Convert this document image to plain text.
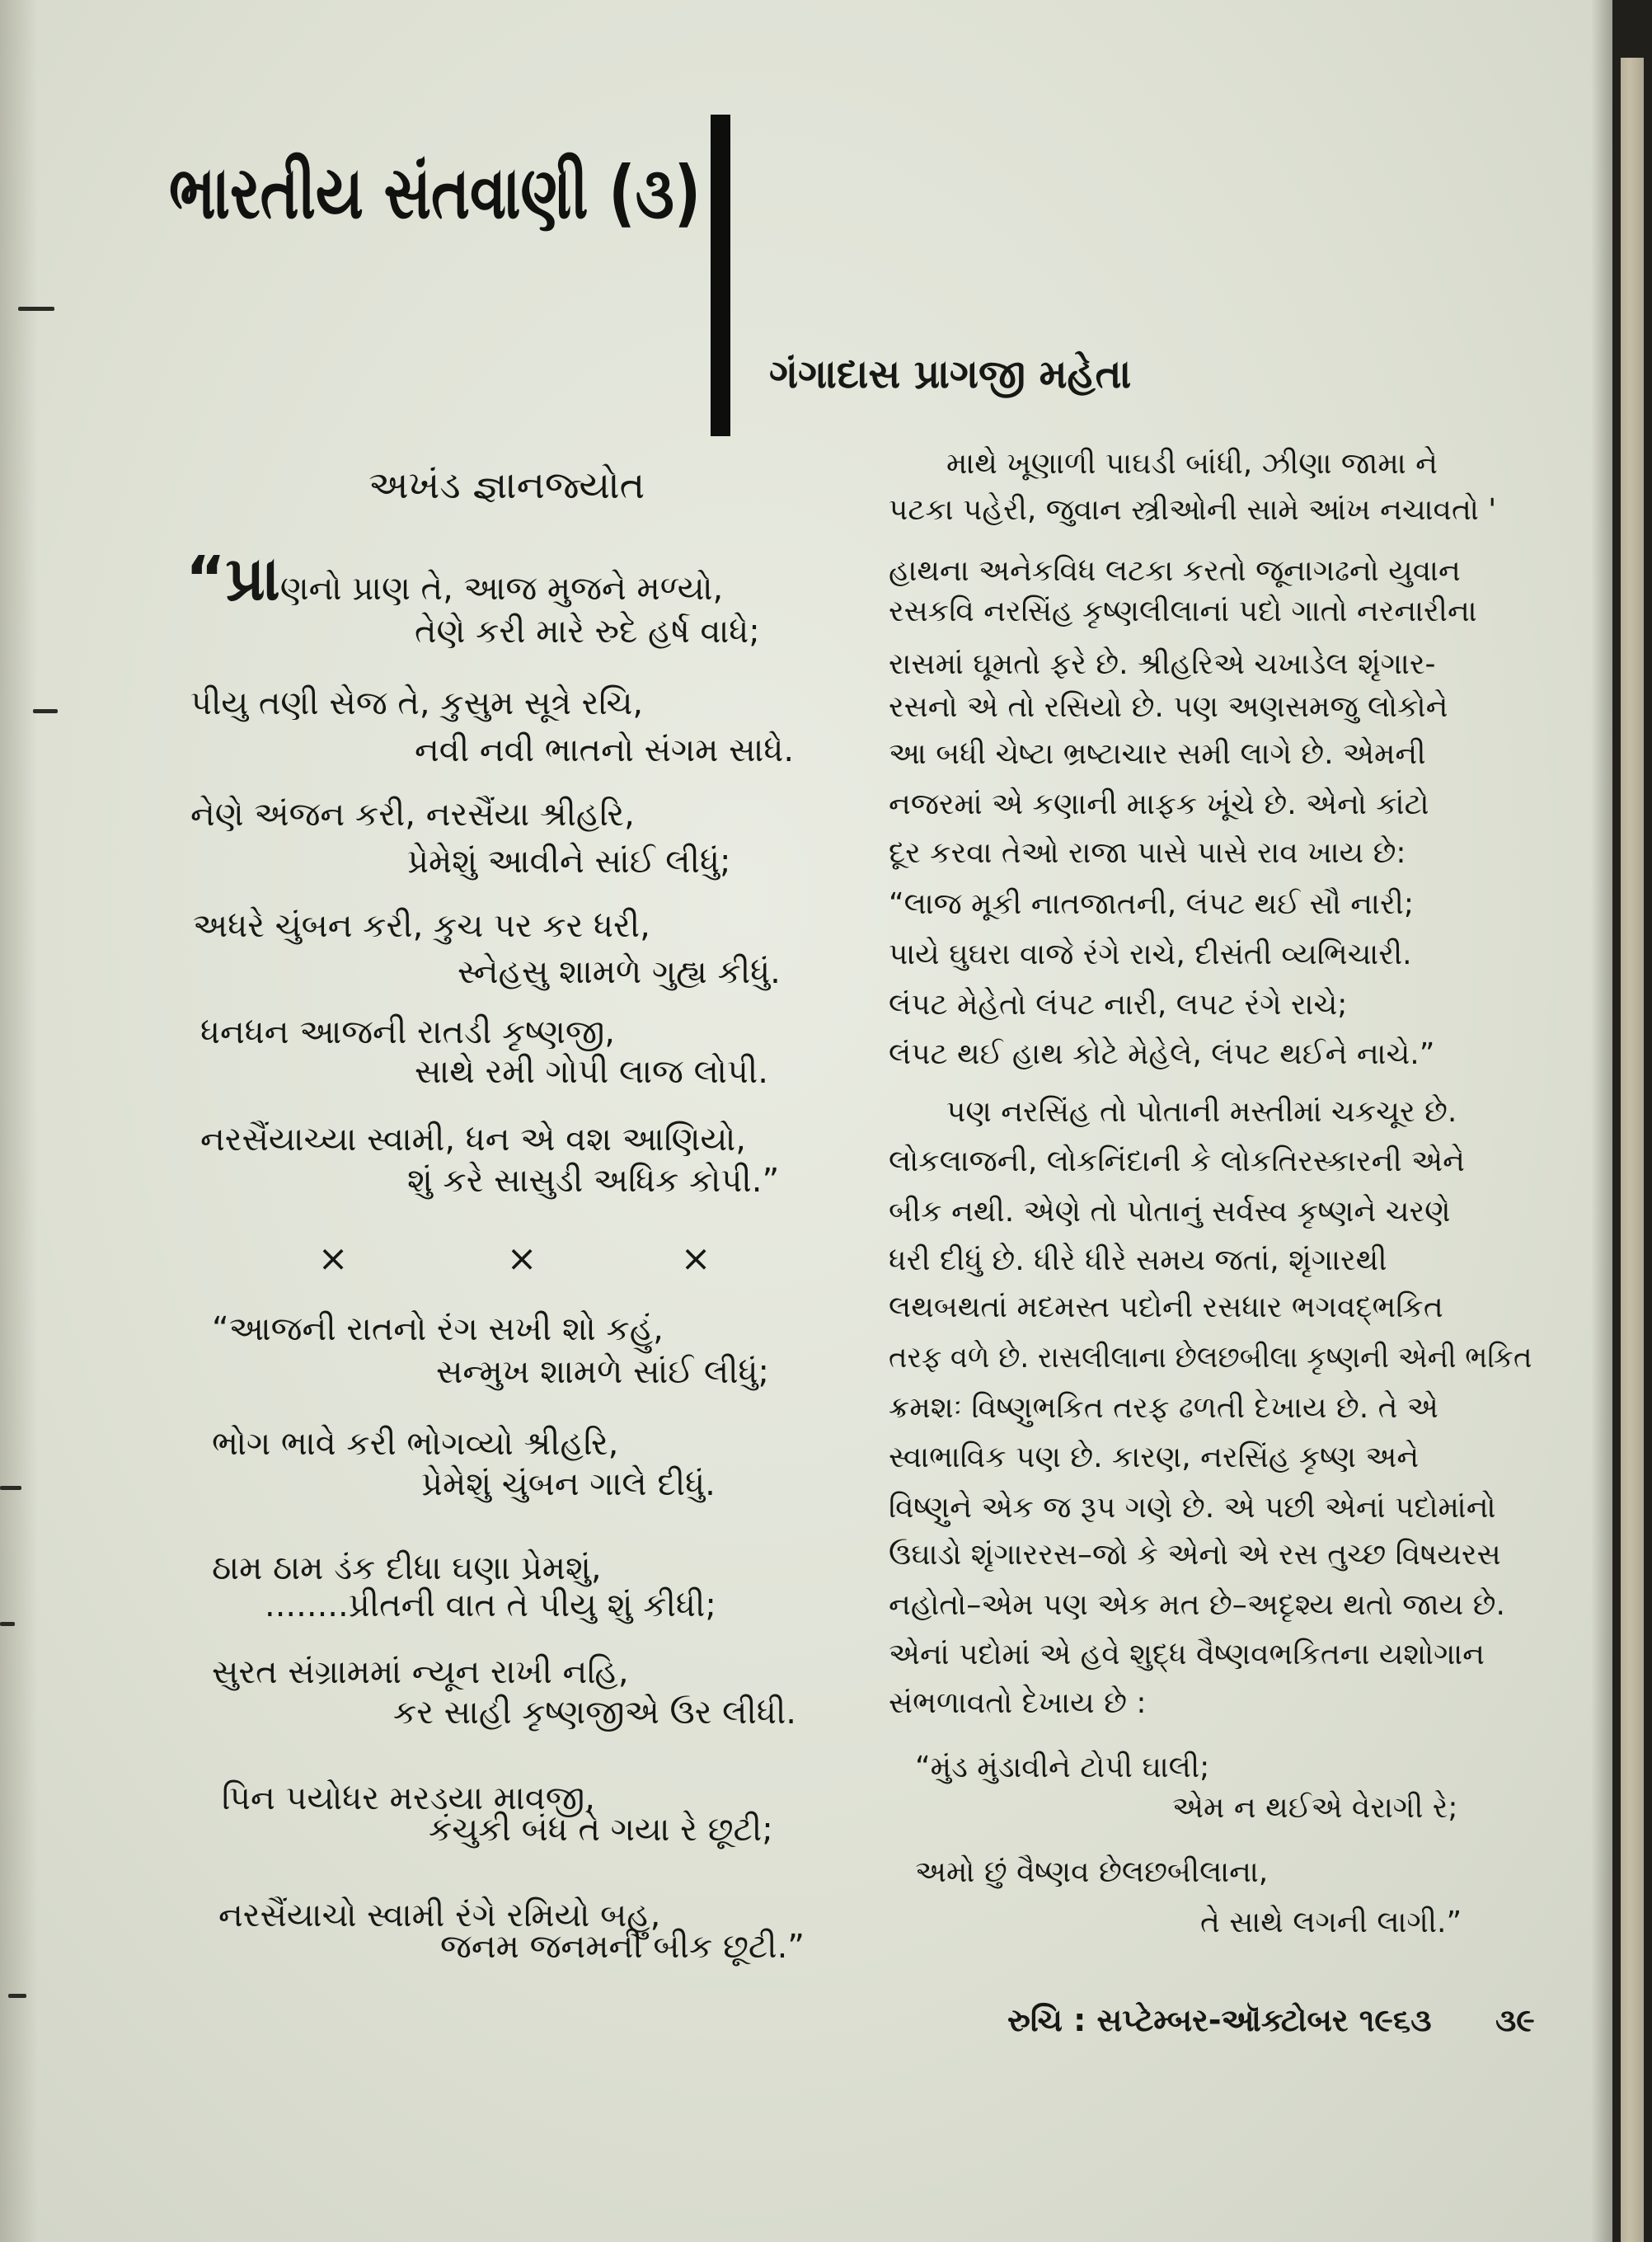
ભારતીય સંતવાણી (૩)
ગંગાદાસ પ્રાગજી મહેતા
અખંડ જ્ઞાનજ્યોત
“પ્રાણનો પ્રાણ તે, આજ મુજને મળ્યો,
તેણે કરી મારે રુદે હર્ષ વાધે;
પીયુ તણી સેજ તે, કુસુમ સૂત્રે રચિ,
નવી નવી ભાતનો સંગમ સાધે.
નેણે અંજન કરી, નરસૈંયા શ્રીહરિ,
પ્રેમેશું આવીને સાંઈ લીધું;
અધરે ચુંબન કરી, કુચ પર કર ધરી,
સ્નેહસુ શામળે ગુહ્ય કીધું.
ધનધન આજની રાતડી કૃષ્ણજી,
સાથે રમી ગોપી લાજ લોપી.
નરસૈંયાચ્યા સ્વામી, ધન એ વશ આણિયો,
શું કરે સાસુડી અધિક કોપી.”
×	×	×
“આજની રાતનો રંગ સખી શો કહું,
સન્મુખ શામળે સાંઈ લીધું;
ભોગ ભાવે કરી ભોગવ્યો શ્રીહરિ,
પ્રેમેશું ચુંબન ગાલે દીધું.
ઠામ ઠામ ડંક દીધા ઘણા પ્રેમશું,
........પ્રીતની વાત તે પીયુ શું કીધી;
સુરત સંગ્રામમાં ન્યૂન રાખી નહિ,
કર સાહી કૃષ્ણજીએ ઉર લીધી.
પિન પયોધર મરડયા માવજી,
કંચુકી બંધ તે ગયા રે છૂટી;
નરસૈંયાચો સ્વામી રંગે રમિયો બહુ,
જનમ જનમની બીક છૂટી.”
માથે ખૂણાળી પાઘડી બાંધી, ઝીણા જામા ને
પટકા પહેરી, જુવાન સ્ત્રીઓની સામે આંખ નચાવતો '
હાથના અનેકવિધ લટકા કરતો જૂનાગઢનો યુવાન
રસકવિ નરસિંહ કૃષ્ણલીલાનાં પદો ગાતો નરનારીના
રાસમાં ઘૂમતો ફરે છે. શ્રીહરિએ ચખાડેલ શૃંગાર-
રસનો એ તો રસિયો છે. પણ અણસમજુ લોકોને
આ બધી ચેષ્ટા ભ્રષ્ટાચાર સમી લાગે છે. એમની
નજરમાં એ કણાની માફક ખૂંચે છે. એનો કાંટો
દૂર કરવા તેઓ રાજા પાસે પાસે રાવ ખાય છે:
“લાજ મૂકી નાતજાતની, લંપટ થઈ સૌ નારી;
પાયે ઘુઘરા વાજે રંગે રાચે, દીસંતી વ્યભિચારી.
લંપટ મેહેતો લંપટ નારી, લપટ રંગે રાચે;
લંપટ થઈ હાથ કોટે મેહેલે, લંપટ થઈને નાચે.”
પણ નરસિંહ તો પોતાની મસ્તીમાં ચકચૂર છે.
લોકલાજની, લોકનિંદાની કે લોકતિરસ્કારની એને
બીક નથી. એણે તો પોતાનું સર્વસ્વ કૃષ્ણને ચરણે
ધરી દીધું છે. ધીરે ધીરે સમય જતાં, શૃંગારથી
લથબથતાં મદમસ્ત પદોની રસધાર ભગવદ્ભકિત
તરફ વળે છે. રાસલીલાના છેલછબીલા કૃષ્ણની એની ભકિત
ક્રમશઃ વિષ્ણુભકિત તરફ ઢળતી દેખાય છે. તે એ
સ્વાભાવિક પણ છે. કારણ, નરસિંહ કૃષ્ણ અને
વિષ્ણુને એક જ રૂપ ગણે છે. એ પછી એનાં પદોમાંનો
ઉઘાડો શૃંગારરસ–જો કે એનો એ રસ તુચ્છ વિષયરસ
નહોતો–એમ પણ એક મત છે–અદૃશ્ય થતો જાય છે.
એનાં પદોમાં એ હવે શુદ્ધ વૈષ્ણવભકિતના યશોગાન
સંભળાવતો દેખાય છે :
“મુંડ મુંડાવીને ટોપી ઘાલી;
એમ ન થઈએ વેરાગી રે;
અમો છું વૈષ્ણવ છેલછબીલાના,
તે સાથે લગની લાગી.”
રુચિ : સપ્ટેમ્બર-ઑક્ટોબર ૧૯૬૩ ૩૯
